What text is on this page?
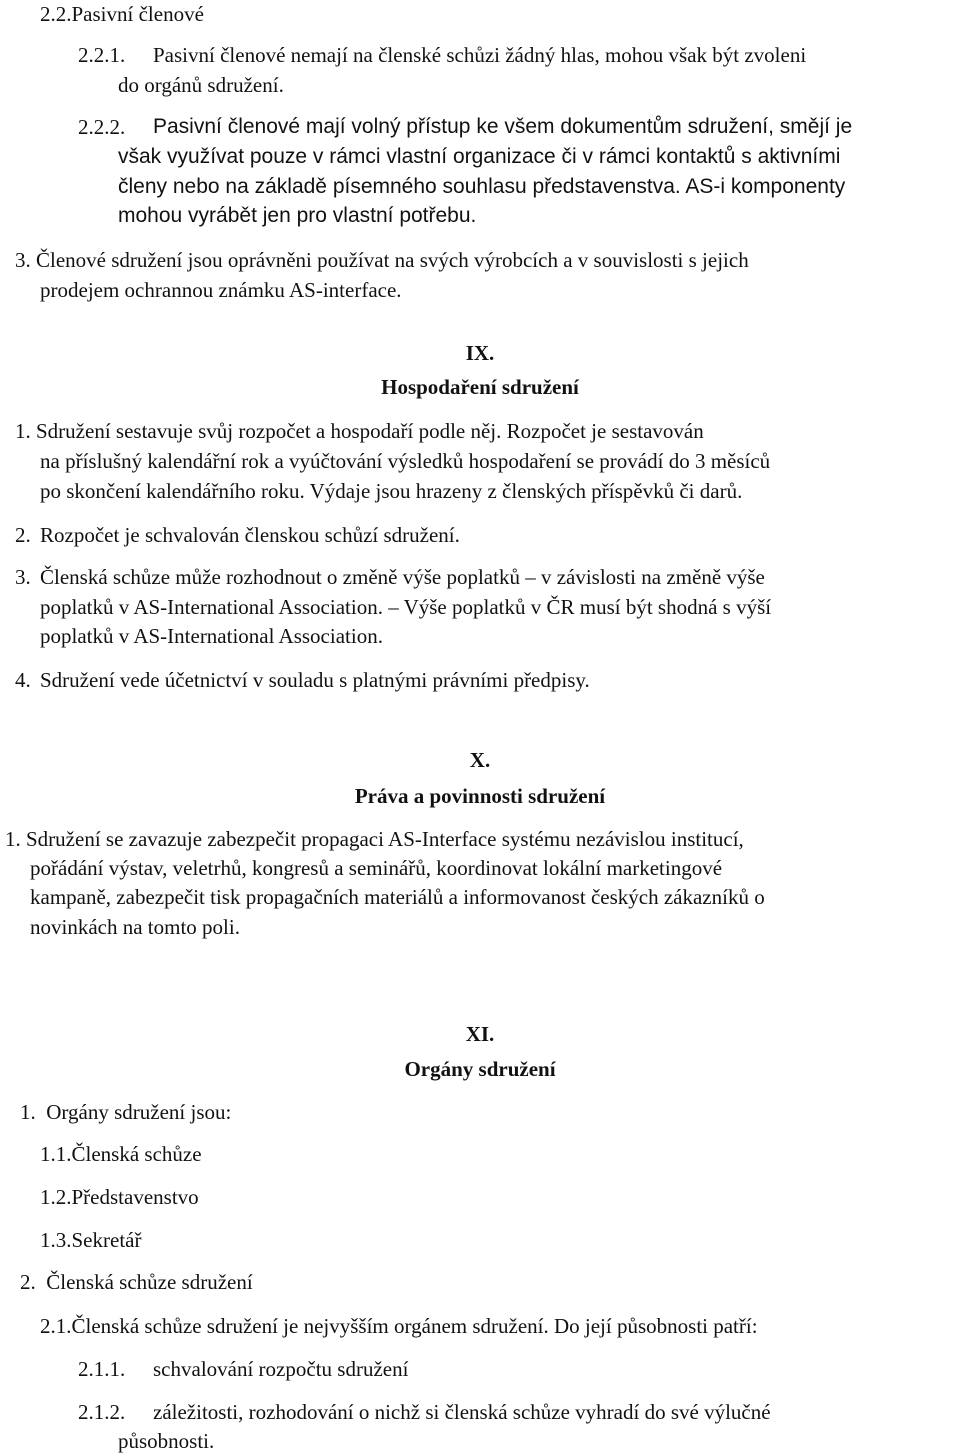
2.2.Pasivní členové
2.2.1. Pasivní členové nemají na členské schůzi žádný hlas, mohou však být zvoleni
do orgánů sdružení.
2.2.2. Pasivní členové mají volný přístup ke všem dokumentům sdružení, smějí je
však využívat pouze v rámci vlastní organizace či v rámci kontaktů s aktivními
členy nebo na základě písemného souhlasu představenstva. AS-i komponenty
mohou vyrábět jen pro vlastní potřebu.
3. Členové sdružení jsou oprávněni používat na svých výrobcích a v souvislosti s jejich
prodejem ochrannou známku AS-interface.
IX.
Hospodaření sdružení
1. Sdružení sestavuje svůj rozpočet a hospodaří podle něj. Rozpočet je sestavován
na příslušný kalendářní rok a vyúčtování výsledků hospodaření se provádí do 3 měsíců
po skončení kalendářního roku. Výdaje jsou hrazeny z členských příspěvků či darů.
2. Rozpočet je schvalován členskou schůzí sdružení.
3. Členská schůze může rozhodnout o změně výše poplatků – v závislosti na změně výše
poplatků v AS-International Association. – Výše poplatků v ČR musí být shodná s výší
poplatků v AS-International Association.
4. Sdružení vede účetnictví v souladu s platnými právními předpisy.
X.
Práva a povinnosti sdružení
1. Sdružení se zavazuje zabezpečit propagaci AS-Interface systému nezávislou institucí,
pořádání výstav, veletrhů, kongresů a seminářů, koordinovat lokální marketingové
kampaně, zabezpečit tisk propagačních materiálů a informovanost českých zákazníků o
novinkách na tomto poli.
XI.
Orgány sdružení
1.  Orgány sdružení jsou:
1.1.Členská schůze
1.2.Představenstvo
1.3.Sekretář
2.  Členská schůze sdružení
2.1.Členská schůze sdružení je nejvyšším orgánem sdružení. Do její působnosti patří:
2.1.1. schvalování rozpočtu sdružení
2.1.2. záležitosti, rozhodování o nichž si členská schůze vyhradí do své výlučné
působnosti.
